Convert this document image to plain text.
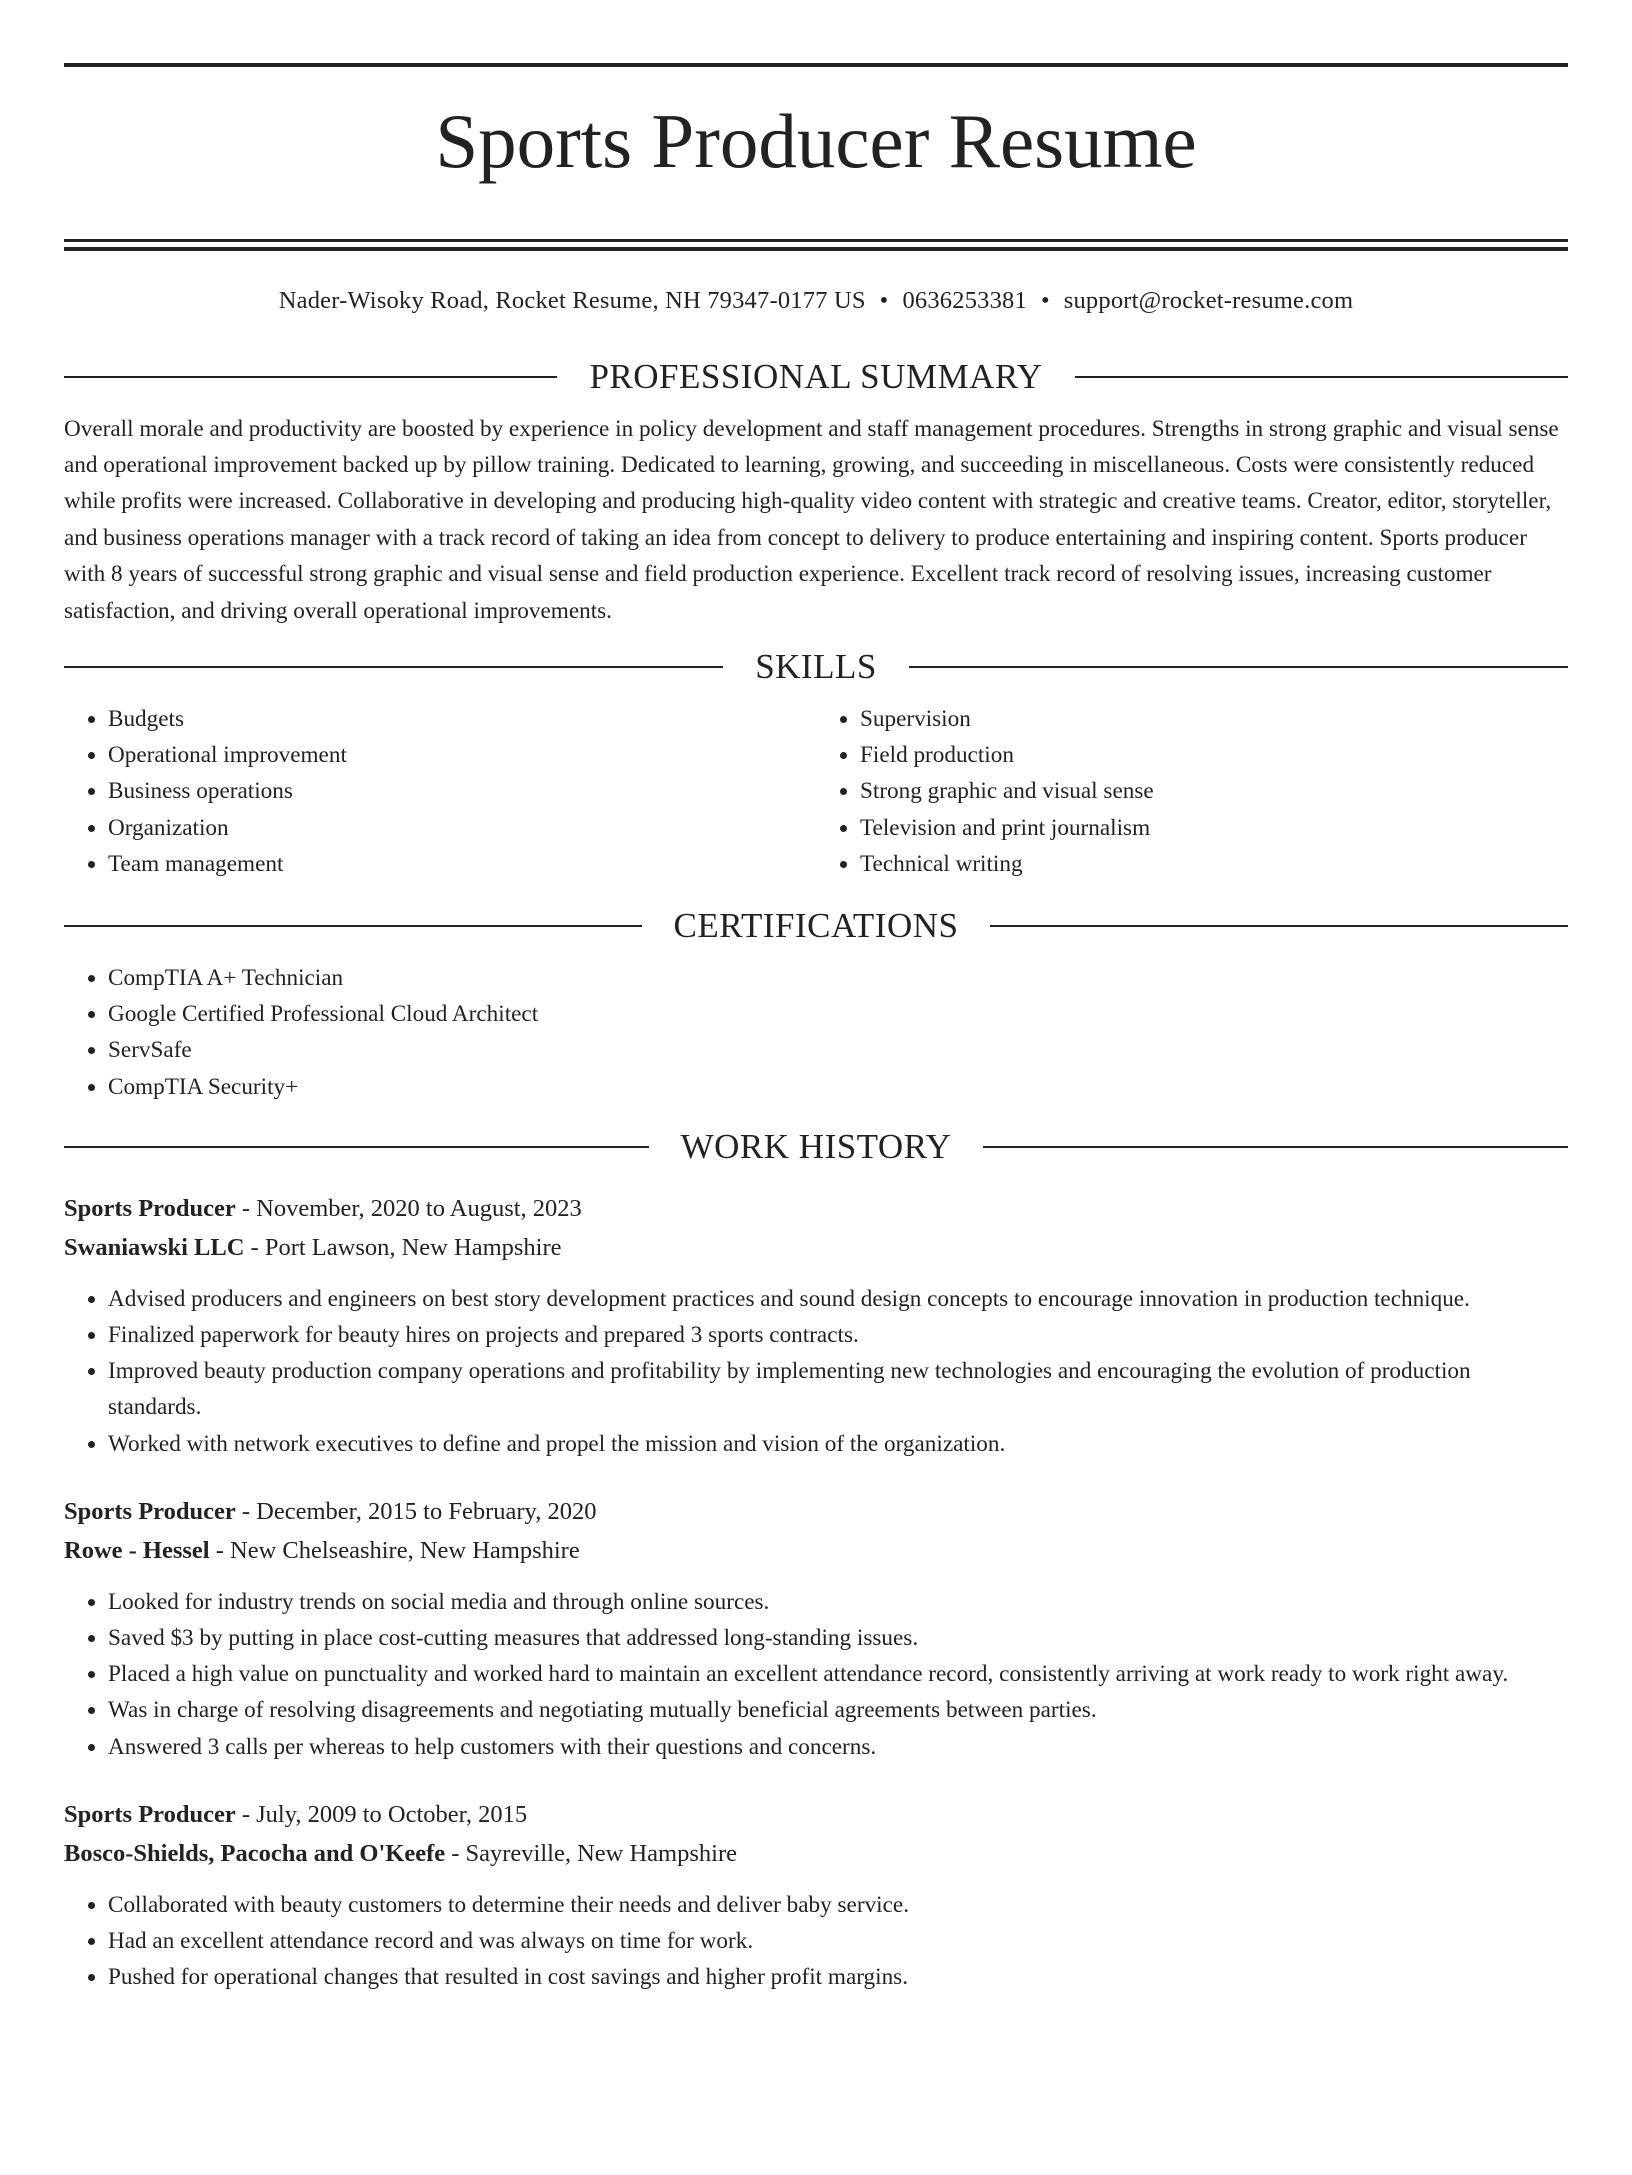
Sports Producer Resume
Nader-Wisoky Road, Rocket Resume, NH 79347-0177 US • 0636253381 • support@rocket-resume.com
PROFESSIONAL SUMMARY
Overall morale and productivity are boosted by experience in policy development and staff management procedures. Strengths in strong graphic and visual sense and operational improvement backed up by pillow training. Dedicated to learning, growing, and succeeding in miscellaneous. Costs were consistently reduced while profits were increased. Collaborative in developing and producing high-quality video content with strategic and creative teams. Creator, editor, storyteller, and business operations manager with a track record of taking an idea from concept to delivery to produce entertaining and inspiring content. Sports producer with 8 years of successful strong graphic and visual sense and field production experience. Excellent track record of resolving issues, increasing customer satisfaction, and driving overall operational improvements.
SKILLS
• Budgets
• Operational improvement
• Business operations
• Organization
• Team management
• Supervision
• Field production
• Strong graphic and visual sense
• Television and print journalism
• Technical writing
CERTIFICATIONS
• CompTIA A+ Technician
• Google Certified Professional Cloud Architect
• ServSafe
• CompTIA Security+
WORK HISTORY
Sports Producer - November, 2020 to August, 2023
Swaniawski LLC - Port Lawson, New Hampshire
• Advised producers and engineers on best story development practices and sound design concepts to encourage innovation in production technique.
• Finalized paperwork for beauty hires on projects and prepared 3 sports contracts.
• Improved beauty production company operations and profitability by implementing new technologies and encouraging the evolution of production standards.
• Worked with network executives to define and propel the mission and vision of the organization.
Sports Producer - December, 2015 to February, 2020
Rowe - Hessel - New Chelseashire, New Hampshire
• Looked for industry trends on social media and through online sources.
• Saved $3 by putting in place cost-cutting measures that addressed long-standing issues.
• Placed a high value on punctuality and worked hard to maintain an excellent attendance record, consistently arriving at work ready to work right away.
• Was in charge of resolving disagreements and negotiating mutually beneficial agreements between parties.
• Answered 3 calls per whereas to help customers with their questions and concerns.
Sports Producer - July, 2009 to October, 2015
Bosco-Shields, Pacocha and O'Keefe - Sayreville, New Hampshire
• Collaborated with beauty customers to determine their needs and deliver baby service.
• Had an excellent attendance record and was always on time for work.
• Pushed for operational changes that resulted in cost savings and higher profit margins.
